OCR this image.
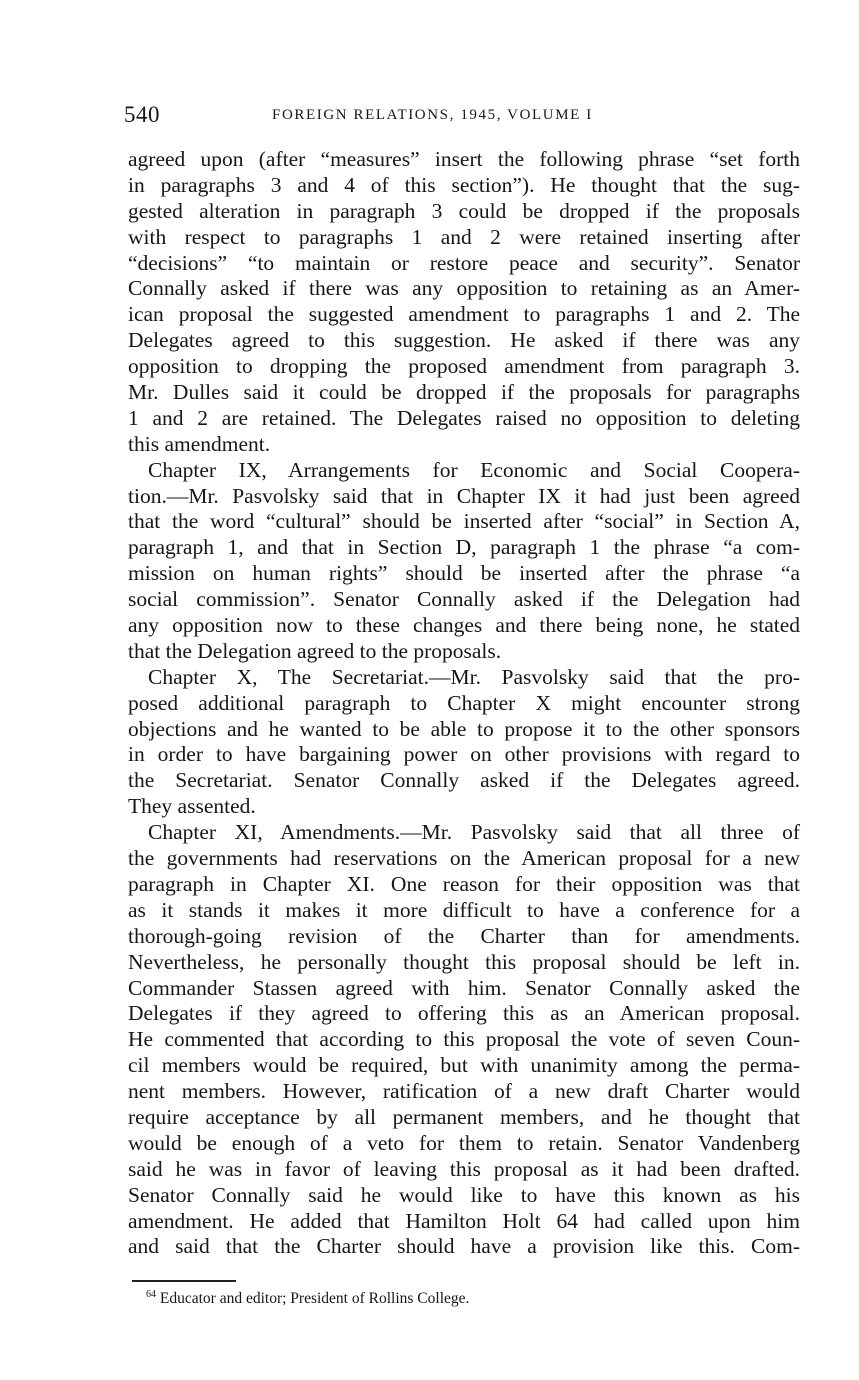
540	FOREIGN RELATIONS, 1945, VOLUME I
agreed upon (after “measures” insert the following phrase “set forth
in paragraphs 3 and 4 of this section”). He thought that the sug-
gested alteration in paragraph 3 could be dropped if the proposals
with respect to paragraphs 1 and 2 were retained inserting after
“decisions” “to maintain or restore peace and security”. Senator
Connally asked if there was any opposition to retaining as an Amer-
ican proposal the suggested amendment to paragraphs 1 and 2. The
Delegates agreed to this suggestion. He asked if there was any
opposition to dropping the proposed amendment from paragraph 3.
Mr. Dulles said it could be dropped if the proposals for paragraphs
1 and 2 are retained. The Delegates raised no opposition to deleting
this amendment.
Chapter IX, Arrangements for Economic and Social Coopera-
tion.—Mr. Pasvolsky said that in Chapter IX it had just been agreed
that the word “cultural” should be inserted after “social” in Section A,
paragraph 1, and that in Section D, paragraph 1 the phrase “a com-
mission on human rights” should be inserted after the phrase “a
social commission”. Senator Connally asked if the Delegation had
any opposition now to these changes and there being none, he stated
that the Delegation agreed to the proposals.
Chapter X, The Secretariat.—Mr. Pasvolsky said that the pro-
posed additional paragraph to Chapter X might encounter strong
objections and he wanted to be able to propose it to the other sponsors
in order to have bargaining power on other provisions with regard to
the Secretariat. Senator Connally asked if the Delegates agreed.
They assented.
Chapter XI, Amendments.—Mr. Pasvolsky said that all three of
the governments had reservations on the American proposal for a new
paragraph in Chapter XI. One reason for their opposition was that
as it stands it makes it more difficult to have a conference for a
thorough-going revision of the Charter than for amendments.
Nevertheless, he personally thought this proposal should be left in.
Commander Stassen agreed with him. Senator Connally asked the
Delegates if they agreed to offering this as an American proposal.
He commented that according to this proposal the vote of seven Coun-
cil members would be required, but with unanimity among the perma-
nent members. However, ratification of a new draft Charter would
require acceptance by all permanent members, and he thought that
would be enough of a veto for them to retain. Senator Vandenberg
said he was in favor of leaving this proposal as it had been drafted.
Senator Connally said he would like to have this known as his
amendment. He added that Hamilton Holt 64 had called upon him
and said that the Charter should have a provision like this. Com-
$^{64}$ Educator and editor; President of Rollins College.
